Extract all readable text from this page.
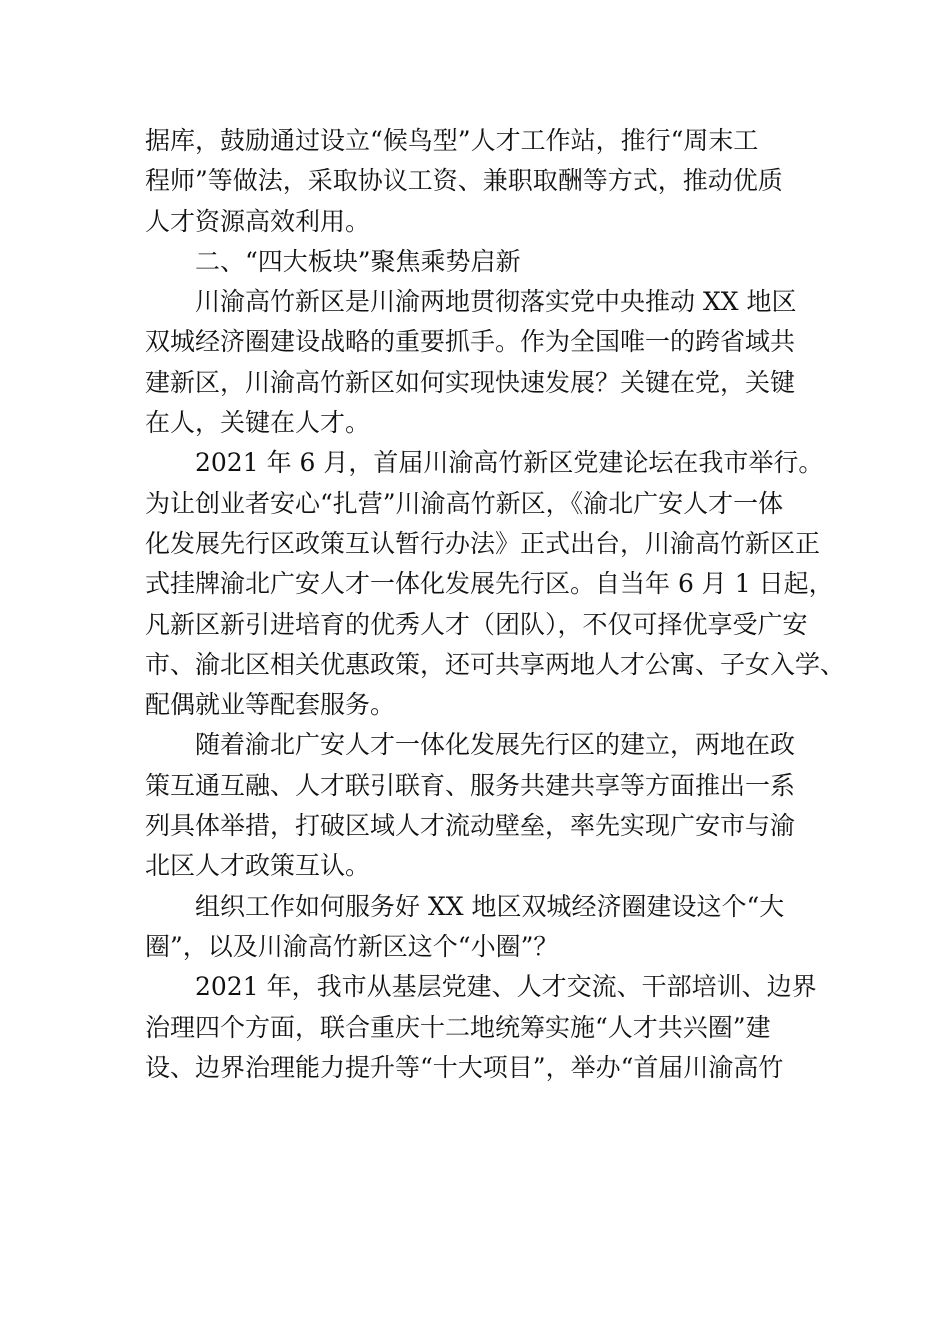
据库，鼓励通过设立“候鸟型”人才工作站，推行“周末工
程师”等做法，采取协议工资、兼职取酬等方式，推动优质
人才资源高效利用。
二、“四大板块”聚焦乘势启新
川渝高竹新区是川渝两地贯彻落实党中央推动 XX 地区
双城经济圈建设战略的重要抓手。作为全国唯一的跨省域共
建新区，川渝高竹新区如何实现快速发展？关键在党，关键
在人，关键在人才。
2021 年 6 月，首届川渝高竹新区党建论坛在我市举行。
为让创业者安心“扎营”川渝高竹新区，《渝北广安人才一体
化发展先行区政策互认暂行办法》正式出台，川渝高竹新区正
式挂牌渝北广安人才一体化发展先行区。自当年 6 月 1 日起，
凡新区新引进培育的优秀人才（团队），不仅可择优享受广安
市、渝北区相关优惠政策，还可共享两地人才公寓、子女入学、
配偶就业等配套服务。
随着渝北广安人才一体化发展先行区的建立，两地在政
策互通互融、人才联引联育、服务共建共享等方面推出一系
列具体举措，打破区域人才流动壁垒，率先实现广安市与渝
北区人才政策互认。
组织工作如何服务好 XX 地区双城经济圈建设这个“大
圈”，以及川渝高竹新区这个“小圈”？
2021 年，我市从基层党建、人才交流、干部培训、边界
治理四个方面，联合重庆十二地统筹实施“人才共兴圈”建
设、边界治理能力提升等“十大项目”，举办“首届川渝高竹
